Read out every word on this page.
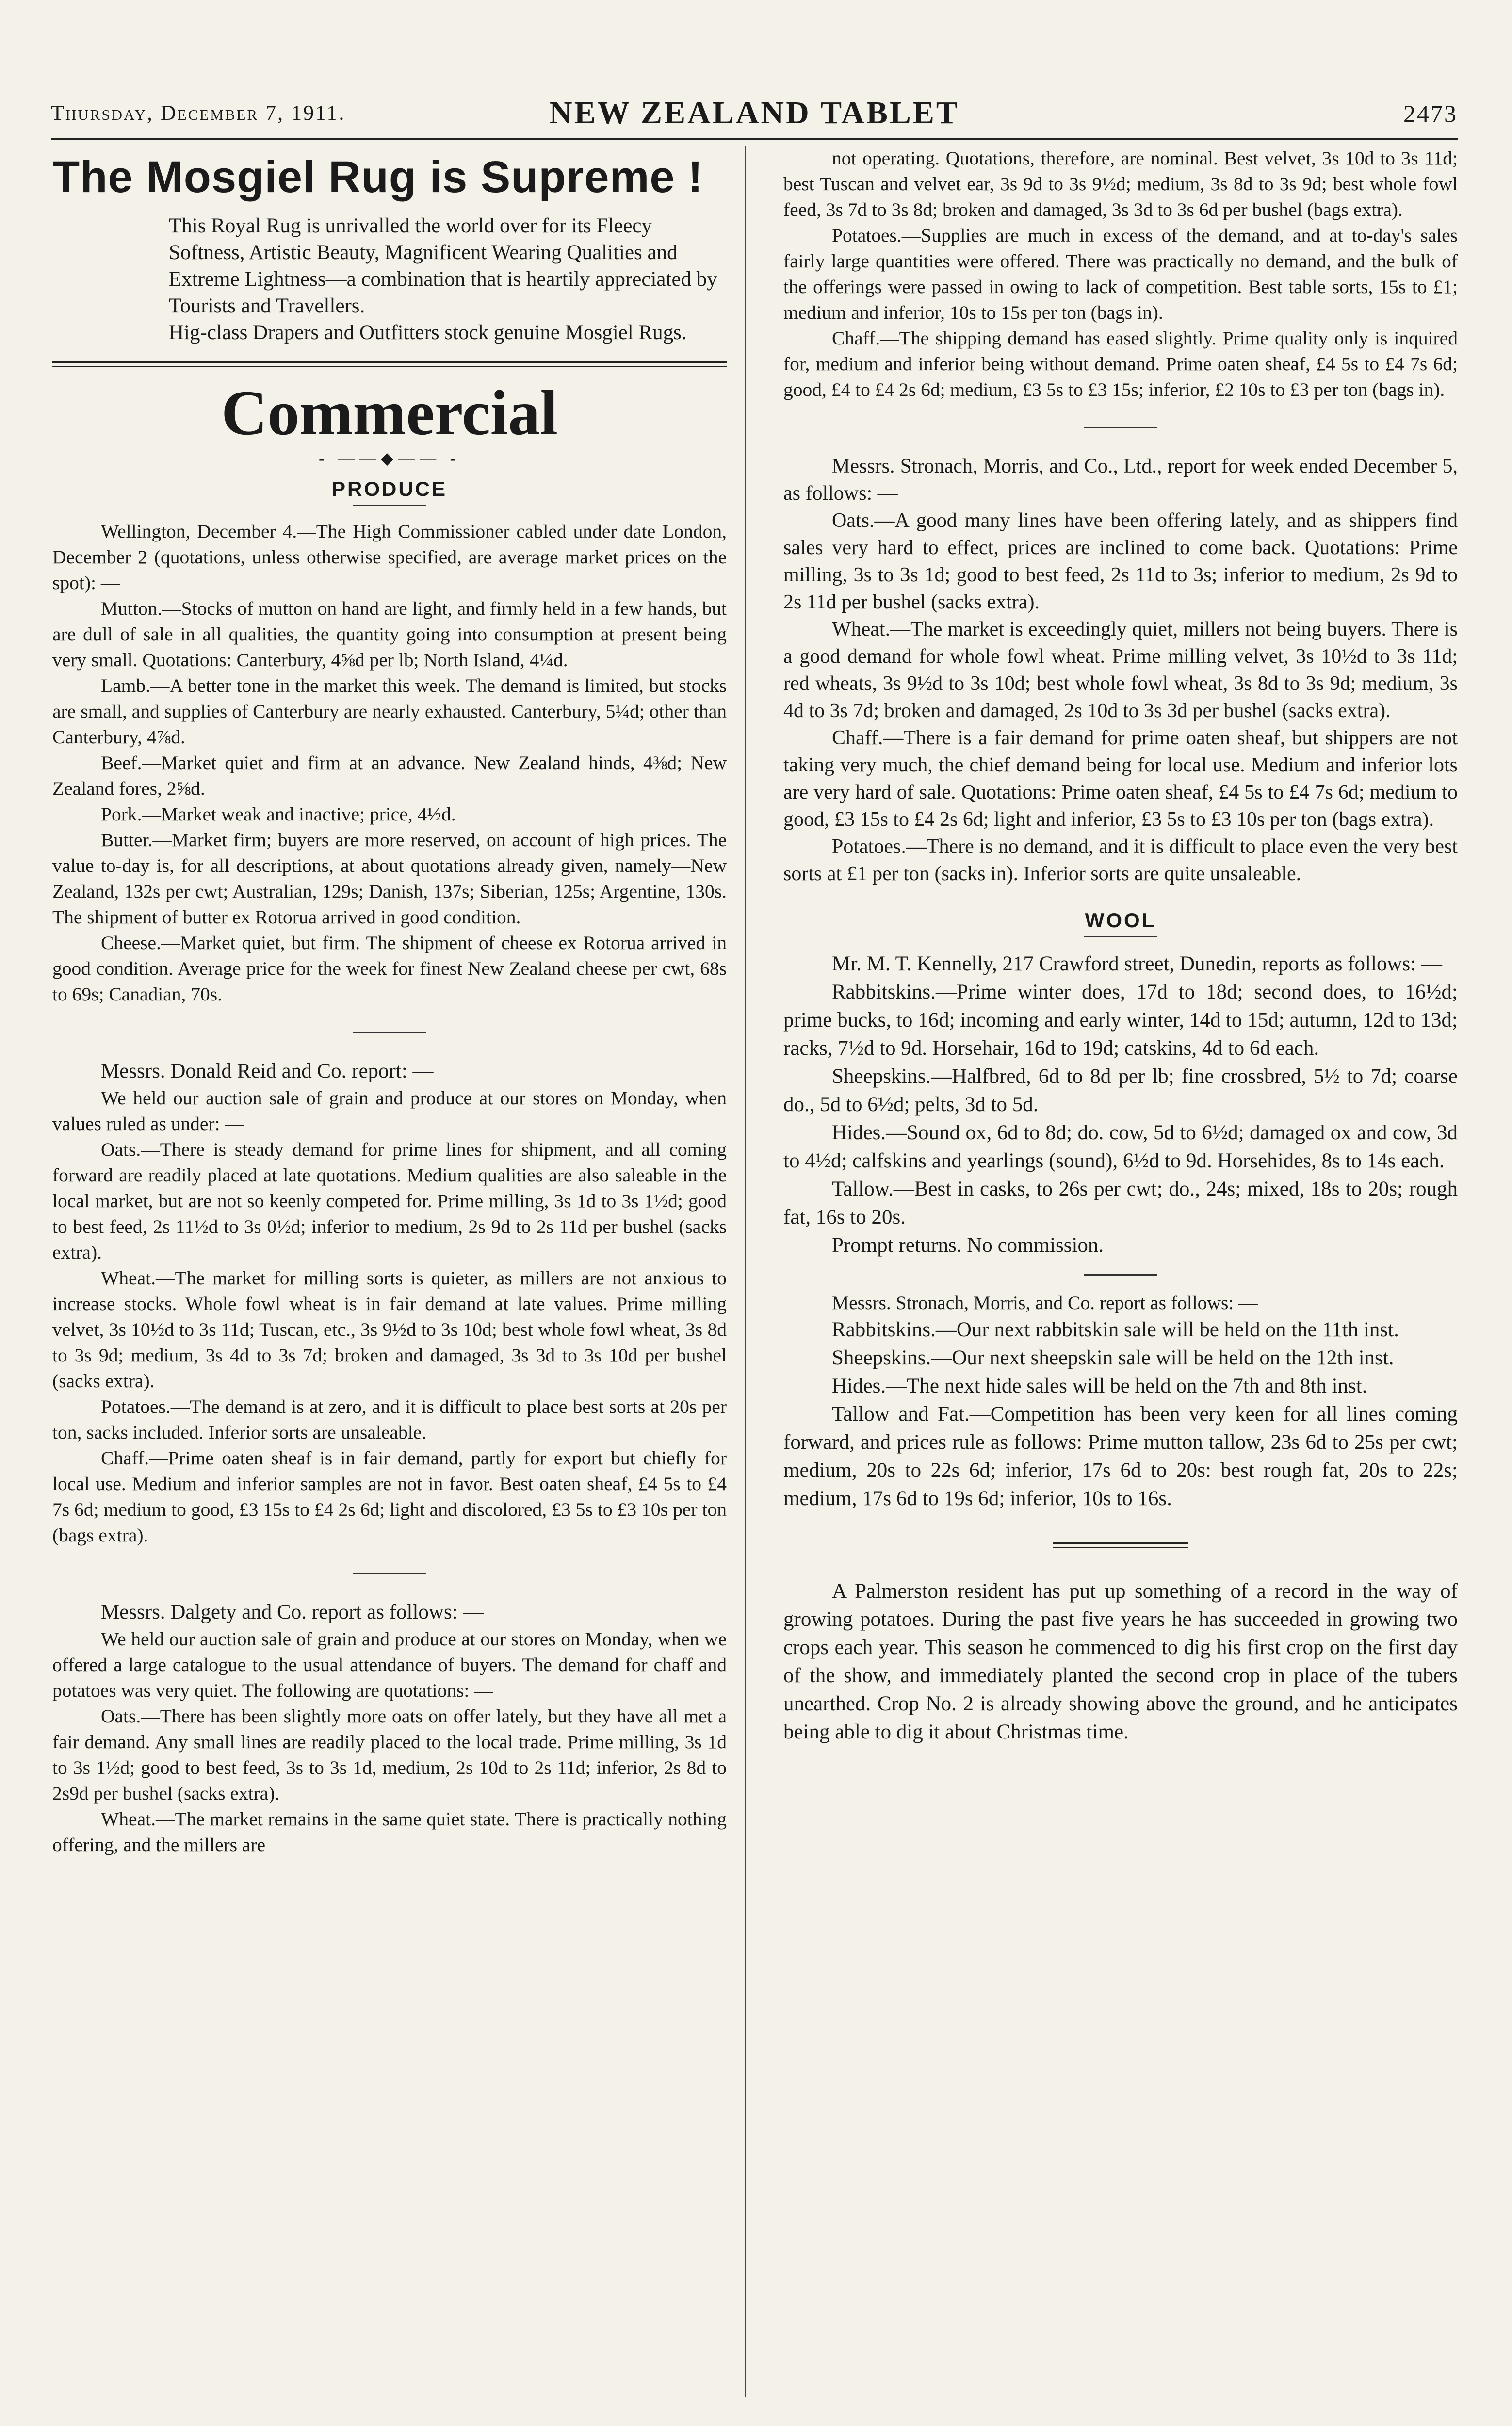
Thursday, December 7, 1911.	NEW ZEALAND TABLET	2473
The Mosgiel Rug is Supreme !

This Royal Rug is unrivalled the world over for its Fleecy Softness, Artistic Beauty, Magnificent Wearing Qualities and Extreme Lightness—a combination that is heartily appreciated by Tourists and Travellers.

Hig-class Drapers and Outfitters stock genuine Mosgiel Rugs.

Commercial
- ——◆—— -
PRODUCE

Wellington, December 4.—The High Commissioner cabled under date London, December 2 (quotations, unless otherwise specified, are average market prices on the spot): —

Mutton.—Stocks of mutton on hand are light, and firmly held in a few hands, but are dull of sale in all qualities, the quantity going into consumption at present being very small. Quotations: Canterbury, 4⅝d per lb; North Island, 4¼d.

Lamb.—A better tone in the market this week. The demand is limited, but stocks are small, and supplies of Canterbury are nearly exhausted. Canterbury, 5¼d; other than Canterbury, 4⅞d.

Beef.—Market quiet and firm at an advance. New Zealand hinds, 4⅜d; New Zealand fores, 2⅝d.

Pork.—Market weak and inactive; price, 4½d.

Butter.—Market firm; buyers are more reserved, on account of high prices. The value to-day is, for all descriptions, at about quotations already given, namely—New Zealand, 132s per cwt; Australian, 129s; Danish, 137s; Siberian, 125s; Argentine, 130s. The shipment of butter ex Rotorua arrived in good condition.

Cheese.—Market quiet, but firm. The shipment of cheese ex Rotorua arrived in good condition. Average price for the week for finest New Zealand cheese per cwt, 68s to 69s; Canadian, 70s.

Messrs. Donald Reid and Co. report: —

We held our auction sale of grain and produce at our stores on Monday, when values ruled as under: —

Oats.—There is steady demand for prime lines for shipment, and all coming forward are readily placed at late quotations. Medium qualities are also saleable in the local market, but are not so keenly competed for. Prime milling, 3s 1d to 3s 1½d; good to best feed, 2s 11½d to 3s 0½d; inferior to medium, 2s 9d to 2s 11d per bushel (sacks extra).

Wheat.—The market for milling sorts is quieter, as millers are not anxious to increase stocks. Whole fowl wheat is in fair demand at late values. Prime milling velvet, 3s 10½d to 3s 11d; Tuscan, etc., 3s 9½d to 3s 10d; best whole fowl wheat, 3s 8d to 3s 9d; medium, 3s 4d to 3s 7d; broken and damaged, 3s 3d to 3s 10d per bushel (sacks extra).

Potatoes.—The demand is at zero, and it is difficult to place best sorts at 20s per ton, sacks included. Inferior sorts are unsaleable.

Chaff.—Prime oaten sheaf is in fair demand, partly for export but chiefly for local use. Medium and inferior samples are not in favor. Best oaten sheaf, £4 5s to £4 7s 6d; medium to good, £3 15s to £4 2s 6d; light and discolored, £3 5s to £3 10s per ton (bags extra).

Messrs. Dalgety and Co. report as follows: —

We held our auction sale of grain and produce at our stores on Monday, when we offered a large catalogue to the usual attendance of buyers. The demand for chaff and potatoes was very quiet. The following are quotations: —

Oats.—There has been slightly more oats on offer lately, but they have all met a fair demand. Any small lines are readily placed to the local trade. Prime milling, 3s 1d to 3s 1½d; good to best feed, 3s to 3s 1d, medium, 2s 10d to 2s 11d; inferior, 2s 8d to 2s9d per bushel (sacks extra).

Wheat.—The market remains in the same quiet state. There is practically nothing offering, and the millers are

not operating. Quotations, therefore, are nominal. Best velvet, 3s 10d to 3s 11d; best Tuscan and velvet ear, 3s 9d to 3s 9½d; medium, 3s 8d to 3s 9d; best whole fowl feed, 3s 7d to 3s 8d; broken and damaged, 3s 3d to 3s 6d per bushel (bags extra).

Potatoes.—Supplies are much in excess of the demand, and at to-day's sales fairly large quantities were offered. There was practically no demand, and the bulk of the offerings were passed in owing to lack of competition. Best table sorts, 15s to £1; medium and inferior, 10s to 15s per ton (bags in).

Chaff.—The shipping demand has eased slightly. Prime quality only is inquired for, medium and inferior being without demand. Prime oaten sheaf, £4 5s to £4 7s 6d; good, £4 to £4 2s 6d; medium, £3 5s to £3 15s; inferior, £2 10s to £3 per ton (bags in).

Messrs. Stronach, Morris, and Co., Ltd., report for week ended December 5, as follows: —

Oats.—A good many lines have been offering lately, and as shippers find sales very hard to effect, prices are inclined to come back. Quotations: Prime milling, 3s to 3s 1d; good to best feed, 2s 11d to 3s; inferior to medium, 2s 9d to 2s 11d per bushel (sacks extra).

Wheat.—The market is exceedingly quiet, millers not being buyers. There is a good demand for whole fowl wheat. Prime milling velvet, 3s 10½d to 3s 11d; red wheats, 3s 9½d to 3s 10d; best whole fowl wheat, 3s 8d to 3s 9d; medium, 3s 4d to 3s 7d; broken and damaged, 2s 10d to 3s 3d per bushel (sacks extra).

Chaff.—There is a fair demand for prime oaten sheaf, but shippers are not taking very much, the chief demand being for local use. Medium and inferior lots are very hard of sale. Quotations: Prime oaten sheaf, £4 5s to £4 7s 6d; medium to good, £3 15s to £4 2s 6d; light and inferior, £3 5s to £3 10s per ton (bags extra).

Potatoes.—There is no demand, and it is difficult to place even the very best sorts at £1 per ton (sacks in). Inferior sorts are quite unsaleable.

WOOL

Mr. M. T. Kennelly, 217 Crawford street, Dunedin, reports as follows: —

Rabbitskins.—Prime winter does, 17d to 18d; second does, to 16½d; prime bucks, to 16d; incoming and early winter, 14d to 15d; autumn, 12d to 13d; racks, 7½d to 9d. Horsehair, 16d to 19d; catskins, 4d to 6d each.

Sheepskins.—Halfbred, 6d to 8d per lb; fine crossbred, 5½ to 7d; coarse do., 5d to 6½d; pelts, 3d to 5d.

Hides.—Sound ox, 6d to 8d; do. cow, 5d to 6½d; damaged ox and cow, 3d to 4½d; calfskins and yearlings (sound), 6½d to 9d. Horsehides, 8s to 14s each.

Tallow.—Best in casks, to 26s per cwt; do., 24s; mixed, 18s to 20s; rough fat, 16s to 20s.

Prompt returns. No commission.

Messrs. Stronach, Morris, and Co. report as follows: —

Rabbitskins.—Our next rabbitskin sale will be held on the 11th inst.

Sheepskins.—Our next sheepskin sale will be held on the 12th inst.

Hides.—The next hide sales will be held on the 7th and 8th inst.

Tallow and Fat.—Competition has been very keen for all lines coming forward, and prices rule as follows: Prime mutton tallow, 23s 6d to 25s per cwt; medium, 20s to 22s 6d; inferior, 17s 6d to 20s: best rough fat, 20s to 22s; medium, 17s 6d to 19s 6d; inferior, 10s to 16s.

A Palmerston resident has put up something of a record in the way of growing potatoes. During the past five years he has succeeded in growing two crops each year. This season he commenced to dig his first crop on the first day of the show, and immediately planted the second crop in place of the tubers unearthed. Crop No. 2 is already showing above the ground, and he anticipates being able to dig it about Christmas time.
